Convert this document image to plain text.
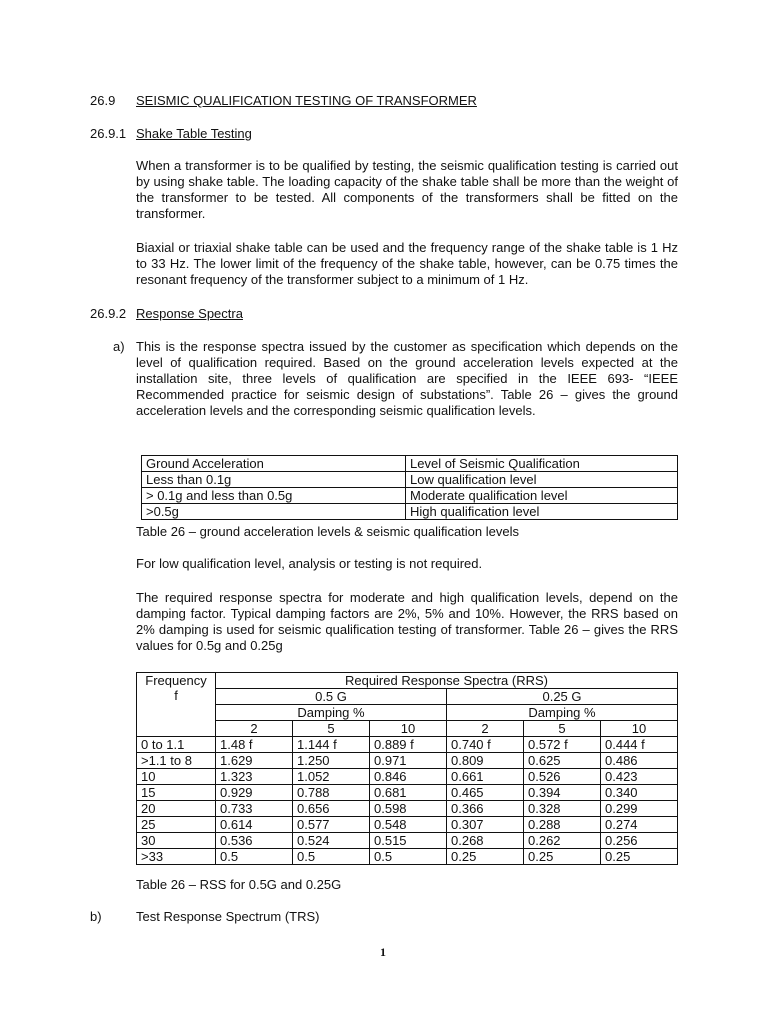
26.9 SEISMIC QUALIFICATION TESTING OF TRANSFORMER
26.9.1 Shake Table Testing
When a transformer is to be qualified by testing, the seismic qualification testing is carried out by using shake table. The loading capacity of the shake table shall be more than the weight of the transformer to be tested. All components of the transformers shall be fitted on the transformer.
Biaxial or triaxial shake table can be used and the frequency range of the shake table is 1 Hz to 33 Hz. The lower limit of the frequency of the shake table, however, can be 0.75 times the resonant frequency of the transformer subject to a minimum of 1 Hz.
26.9.2 Response Spectra
a) This is the response spectra issued by the customer as specification which depends on the level of qualification required. Based on the ground acceleration levels expected at the installation site, three levels of qualification are specified in the IEEE 693- “IEEE Recommended practice for seismic design of substations”. Table 26 – gives the ground acceleration levels and the corresponding seismic qualification levels.
Ground Acceleration	Level of Seismic Qualification
Less than 0.1g	Low qualification level
> 0.1g and less than 0.5g	Moderate qualification level
>0.5g	High qualification level
Table 26 – ground acceleration levels & seismic qualification levels
For low qualification level, analysis or testing is not required.
The required response spectra for moderate and high qualification levels, depend on the damping factor. Typical damping factors are 2%, 5% and 10%. However, the RRS based on 2% damping is used for seismic qualification testing of transformer. Table 26 – gives the RRS values for 0.5g and 0.25g
Frequency
f	Required Response Spectra (RRS)					
	0.5 G			0.25 G		
	Damping %			Damping %		
	2	5	10	2	5	10
0 to 1.1	1.48 f	1.144 f	0.889 f	0.740 f	0.572 f	0.444 f
>1.1 to 8	1.629	1.250	0.971	0.809	0.625	0.486
10	1.323	1.052	0.846	0.661	0.526	0.423
15	0.929	0.788	0.681	0.465	0.394	0.340
20	0.733	0.656	0.598	0.366	0.328	0.299
25	0.614	0.577	0.548	0.307	0.288	0.274
30	0.536	0.524	0.515	0.268	0.262	0.256
>33	0.5	0.5	0.5	0.25	0.25	0.25
Table 26 – RSS for 0.5G and 0.25G
b)	Test Response Spectrum (TRS)
1
